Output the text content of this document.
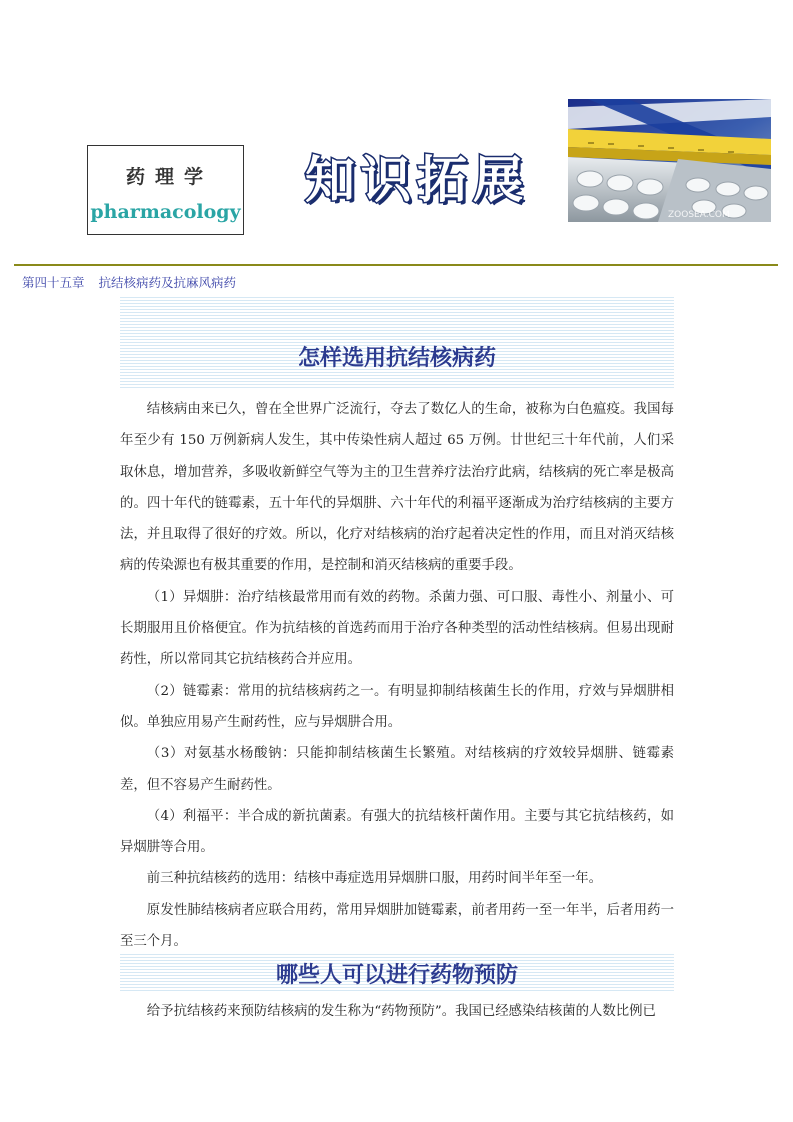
药理学
pharmacology
知识拓展
ZOOSEA.COM
第四十五章 抗结核病药及抗麻风病药
怎样选用抗结核病药

结核病由来已久，曾在全世界广泛流行，夺去了数亿人的生命，被称为白色瘟疫。我国每年至少有 150 万例新病人发生，其中传染性病人超过 65 万例。廿世纪三十年代前，人们采取休息，增加营养，多吸收新鲜空气等为主的卫生营养疗法治疗此病，结核病的死亡率是极高的。四十年代的链霉素，五十年代的异烟肼、六十年代的利福平逐渐成为治疗结核病的主要方法，并且取得了很好的疗效。所以，化疗对结核病的治疗起着决定性的作用，而且对消灭结核病的传染源也有极其重要的作用，是控制和消灭结核病的重要手段。

（1）异烟肼：治疗结核最常用而有效的药物。杀菌力强、可口服、毒性小、剂量小、可长期服用且价格便宜。作为抗结核的首选药而用于治疗各种类型的活动性结核病。但易出现耐药性，所以常同其它抗结核药合并应用。

（2）链霉素：常用的抗结核病药之一。有明显抑制结核菌生长的作用，疗效与异烟肼相似。单独应用易产生耐药性，应与异烟肼合用。

（3）对氨基水杨酸钠：只能抑制结核菌生长繁殖。对结核病的疗效较异烟肼、链霉素差，但不容易产生耐药性。

（4）利福平：半合成的新抗菌素。有强大的抗结核杆菌作用。主要与其它抗结核药，如异烟肼等合用。

前三种抗结核药的选用：结核中毒症选用异烟肼口服，用药时间半年至一年。

原发性肺结核病者应联合用药，常用异烟肼加链霉素，前者用药一至一年半，后者用药一至三个月。

哪些人可以进行药物预防

给予抗结核药来预防结核病的发生称为“药物预防”。我国已经感染结核菌的人数比例已
